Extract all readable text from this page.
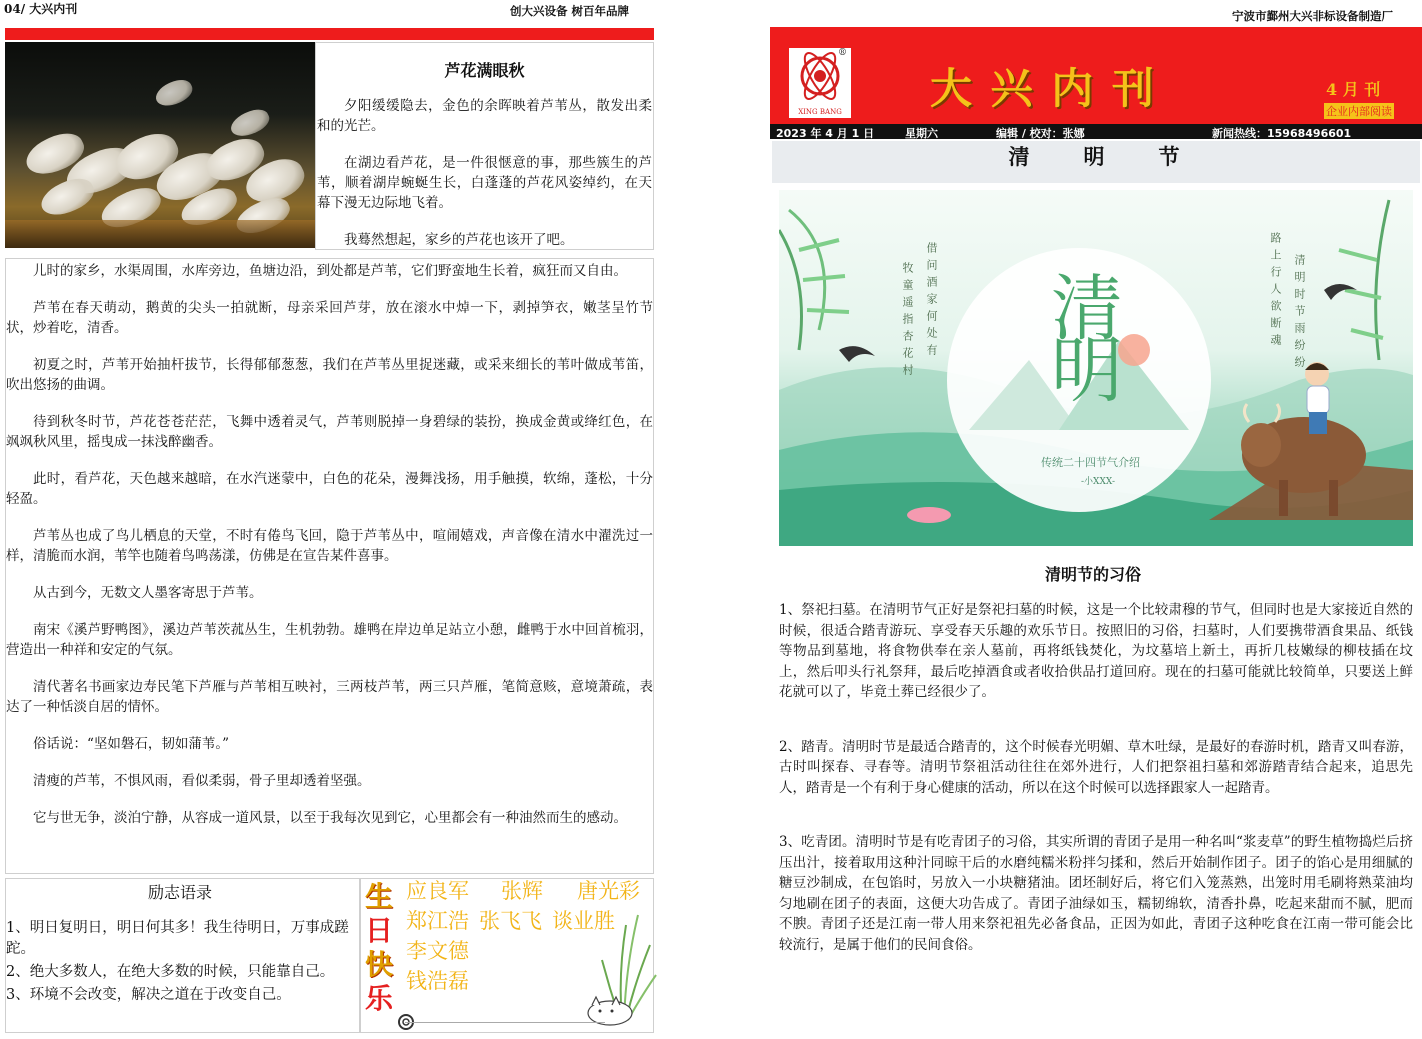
04/ 大兴内刊	创大兴设备 树百年品牌
芦花满眼秋

夕阳缓缓隐去，金色的余晖映着芦苇丛，散发出柔和的光芒。

在湖边看芦花，是一件很惬意的事，那些簇生的芦苇，顺着湖岸蜿蜒生长，白蓬蓬的芦花风姿绰约，在天幕下漫无边际地飞着。

我蓦然想起，家乡的芦花也该开了吧。

儿时的家乡，水渠周围，水库旁边，鱼塘边沿，到处都是芦苇，它们野蛮地生长着，疯狂而又自由。

芦苇在春天萌动，鹅黄的尖头一拍就断，母亲采回芦芽，放在滚水中焯一下，剥掉笋衣，嫩茎呈竹节状，炒着吃，清香。

初夏之时，芦苇开始抽杆拔节，长得郁郁葱葱，我们在芦苇丛里捉迷藏，或采来细长的苇叶做成苇笛，吹出悠扬的曲调。

待到秋冬时节，芦花苍苍茫茫，飞舞中透着灵气，芦苇则脱掉一身碧绿的装扮，换成金黄或绛红色，在飒飒秋风里，摇曳成一抹浅醉幽香。

此时，看芦花，天色越来越暗，在水汽迷蒙中，白色的花朵，漫舞浅扬，用手触摸，软绵，蓬松，十分轻盈。

芦苇丛也成了鸟儿栖息的天堂，不时有倦鸟飞回，隐于芦苇丛中，喧闹嬉戏，声音像在清水中濯洗过一样，清脆而水润，苇竿也随着鸟鸣荡漾，仿佛是在宣告某件喜事。

从古到今，无数文人墨客寄思于芦苇。

南宋《溪芦野鸭图》，溪边芦苇茨菰丛生，生机勃勃。雄鸭在岸边单足站立小憩，雌鸭于水中回首梳羽，营造出一种祥和安定的气氛。

清代著名书画家边寿民笔下芦雁与芦苇相互映衬，三两枝芦苇，两三只芦雁，笔简意赅，意境萧疏，表达了一种恬淡自居的情怀。

俗话说：“坚如磐石，韧如蒲苇。”

清瘦的芦苇，不惧风雨，看似柔弱，骨子里却透着坚强。

它与世无争，淡泊宁静，从容成一道风景，以至于我每次见到它，心里都会有一种油然而生的感动。

励志语录

1、明日复明日，明日何其多！我生待明日，万事成蹉跎。

2、绝大多数人，在绝大多数的时候，只能靠自己。

3、环境不会改变，解决之道在于改变自己。

生
日
快
乐
应良军 张辉 唐光彩
郑江浩 张飞飞 谈业胜
李文德
钱浩磊
宁波市鄞州大兴非标设备制造厂
XING BANG
®
大 兴 内 刊	4 月 刊
企业内部阅读
2023 年 4 月 1 日	星期六	编辑 / 校对：张娜	新闻热线：15968496601
清　　明　　节
清明
传统二十四节气介绍
-小XXX-
借问酒家何处有
牧童遥指杏花村	清明时节雨纷纷
路上行人欲断魂
清明节的习俗

1、祭祀扫墓。在清明节气正好是祭祀扫墓的时候，这是一个比较肃穆的节气，但同时也是大家接近自然的时候，很适合踏青游玩、享受春天乐趣的欢乐节日。按照旧的习俗，扫墓时，人们要携带酒食果品、纸钱等物品到墓地，将食物供奉在亲人墓前，再将纸钱焚化，为坟墓培上新土，再折几枝嫩绿的柳枝插在坟上，然后叩头行礼祭拜，最后吃掉酒食或者收拾供品打道回府。现在的扫墓可能就比较简单，只要送上鲜花就可以了，毕竟土葬已经很少了。

2、踏青。清明时节是最适合踏青的，这个时候春光明媚、草木吐绿，是最好的春游时机，踏青又叫春游，古时叫探春、寻春等。清明节祭祖活动往往在郊外进行，人们把祭祖扫墓和郊游踏青结合起来，追思先人，踏青是一个有利于身心健康的活动，所以在这个时候可以选择跟家人一起踏青。

3、吃青团。清明时节是有吃青团子的习俗，其实所谓的青团子是用一种名叫“浆麦草”的野生植物捣烂后挤压出汁，接着取用这种汁同晾干后的水磨纯糯米粉拌匀揉和，然后开始制作团子。团子的馅心是用细腻的糖豆沙制成，在包馅时，另放入一小块糖猪油。团坯制好后，将它们入笼蒸熟，出笼时用毛刷将熟菜油均匀地刷在团子的表面，这便大功告成了。青团子油绿如玉，糯韧绵软，清香扑鼻，吃起来甜而不腻，肥而不腴。青团子还是江南一带人用来祭祀祖先必备食品，正因为如此，青团子这种吃食在江南一带可能会比较流行，是属于他们的民间食俗。
